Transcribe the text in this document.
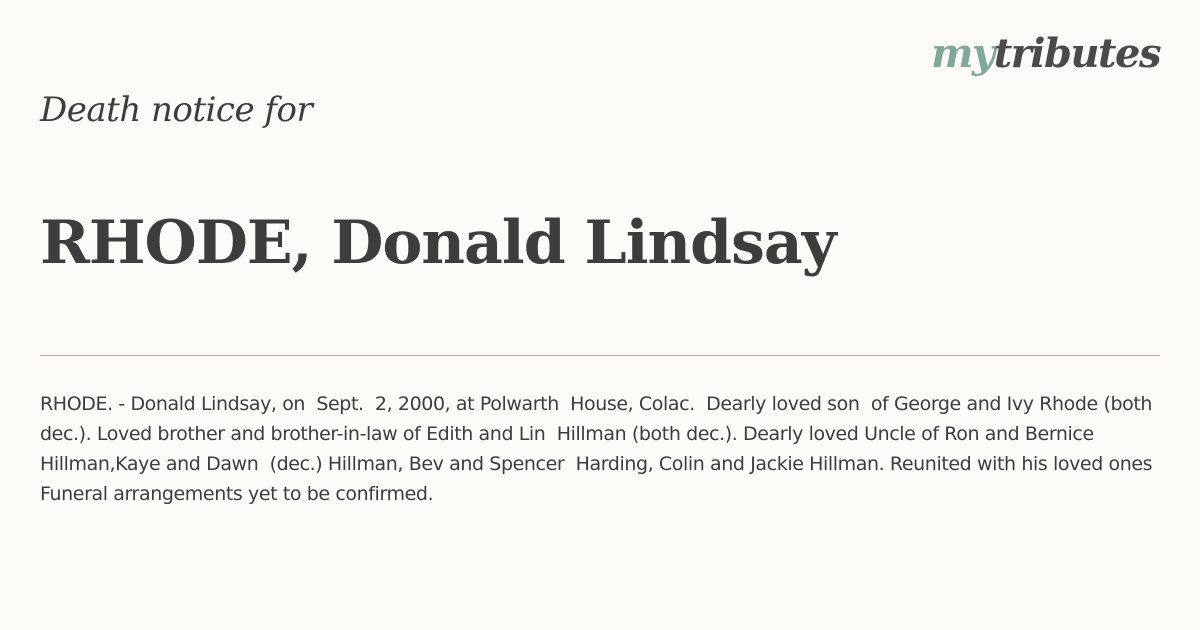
mytributes
Death notice for
RHODE, Donald Lindsay

RHODE. - Donald Lindsay, on  Sept.  2, 2000, at Polwarth  House, Colac.  Dearly loved son  of George and Ivy Rhode (both  dec.). Loved brother and brother-in-law of Edith and Lin  Hillman (both dec.). Dearly loved Uncle of Ron and Bernice Hillman,Kaye and Dawn  (dec.) Hillman, Bev and Spencer  Harding, Colin and Jackie Hillman. Reunited with his loved ones Funeral arrangements yet to be confirmed.
